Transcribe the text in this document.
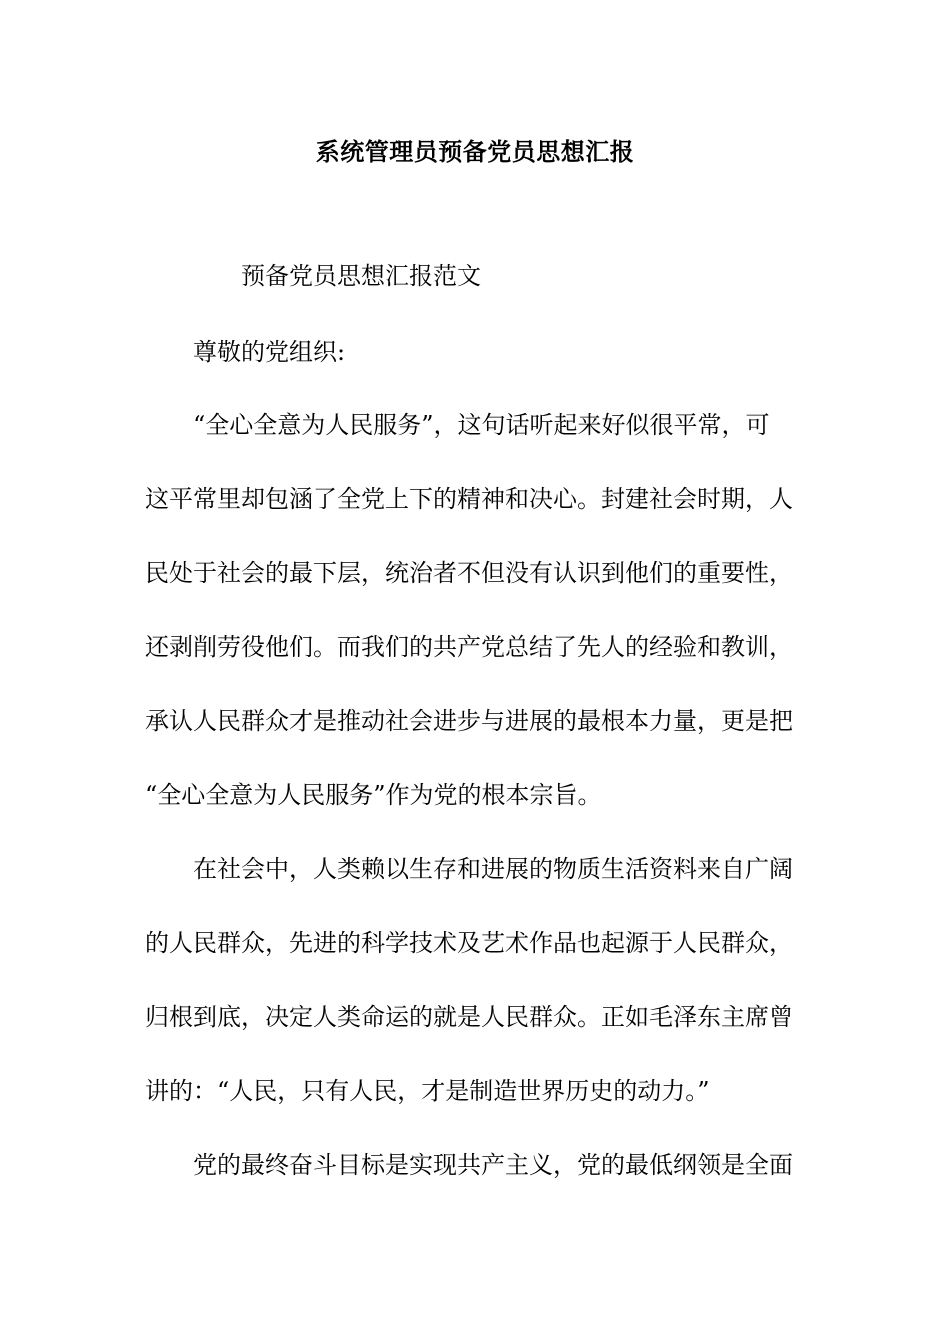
系统管理员预备党员思想汇报
预备党员思想汇报范文
尊敬的党组织:
“全心全意为人民服务”，这句话听起来好似很平常，可
这平常里却包涵了全党上下的精神和决心。封建社会时期，人
民处于社会的最下层，统治者不但没有认识到他们的重要性，
还剥削劳役他们。而我们的共产党总结了先人的经验和教训，
承认人民群众才是推动社会进步与进展的最根本力量，更是把
“全心全意为人民服务”作为党的根本宗旨。
在社会中，人类赖以生存和进展的物质生活资料来自广阔
的人民群众，先进的科学技术及艺术作品也起源于人民群众，
归根到底，决定人类命运的就是人民群众。正如毛泽东主席曾
讲的：“人民，只有人民，才是制造世界历史的动力。”
党的最终奋斗目标是实现共产主义，党的最低纲领是全面
